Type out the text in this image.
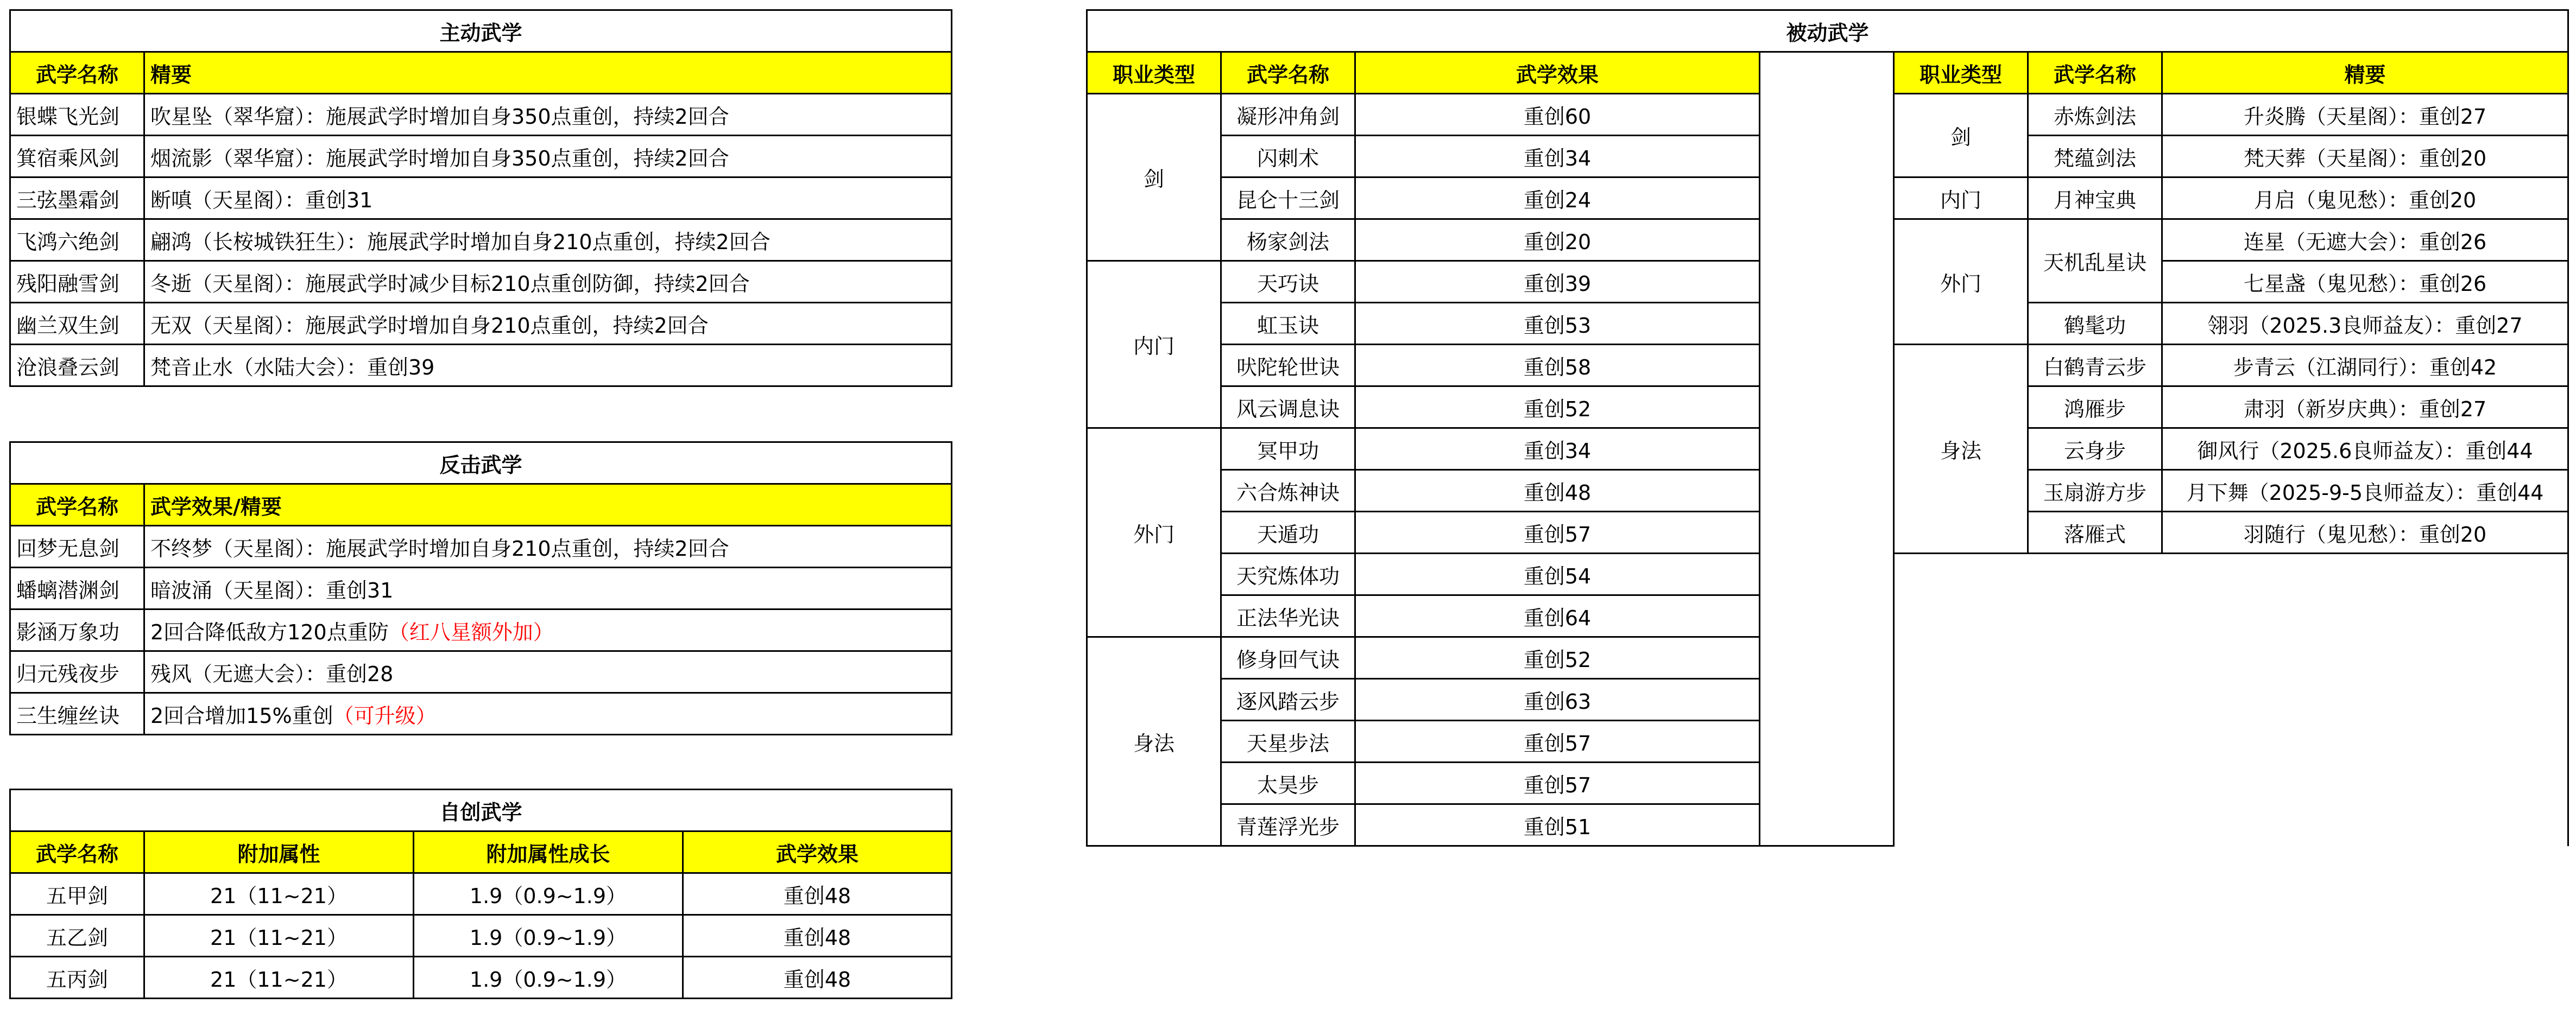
主动武学	
武学名称	精要
银蝶飞光剑	吹星坠（翠华窟）：施展武学时增加自身350点重创，持续2回合
箕宿乘风剑	烟流影（翠华窟）：施展武学时增加自身350点重创，持续2回合
三弦墨霜剑	断嗔（天星阁）：重创31
飞鸿六绝剑	翩鸿（长桉城铁狂生）：施展武学时增加自身210点重创，持续2回合
残阳融雪剑	冬逝（天星阁）：施展武学时减少目标210点重创防御，持续2回合
幽兰双生剑	无双（天星阁）：施展武学时增加自身210点重创，持续2回合
沧浪叠云剑	梵音止水（水陆大会）：重创39
反击武学	
武学名称	武学效果/精要
回梦无息剑	不终梦（天星阁）：施展武学时增加自身210点重创，持续2回合
蟠螭潜渊剑	暗波涌（天星阁）：重创31
影涵万象功	2回合降低敌方120点重防（红八星额外加）
归元残夜步	残风（无遮大会）：重创28
三生缠丝诀	2回合增加15%重创（可升级）
自创武学			
武学名称	附加属性	附加属性成长	武学效果
五甲剑	21（11~21）	1.9（0.9~1.9）	重创48
五乙剑	21（11~21）	1.9（0.9~1.9）	重创48
五丙剑	21（11~21）	1.9（0.9~1.9）	重创48
被动武学						
职业类型	武学名称	武学效果		职业类型	武学名称	精要
剑	凝形冲角剑	重创60		剑	赤炼剑法	升炎腾（天星阁）：重创27
	闪刺术	重创34			梵蕴剑法	梵天葬（天星阁）：重创20
	昆仑十三剑	重创24		内门	月神宝典	月启（鬼见愁）：重创20
	杨家剑法	重创20		外门	天机乱星诀	连星（无遮大会）：重创26
内门	天巧诀	重创39				七星盏（鬼见愁）：重创26
	虹玉诀	重创53			鹤髦功	翎羽（2025.3良师益友）：重创27
	吠陀轮世诀	重创58		身法	白鹤青云步	步青云（江湖同行）：重创42
	风云调息诀	重创52			鸿雁步	肃羽（新岁庆典）：重创27
外门	冥甲功	重创34			云身步	御风行（2025.6良师益友）：重创44
	六合炼神诀	重创48			玉扇游方步	月下舞（2025-9-5良师益友）：重创44
	天遁功	重创57			落雁式	羽随行（鬼见愁）：重创20
	天究炼体功	重创54				
	正法华光诀	重创64				
身法	修身回气诀	重创52				
	逐风踏云步	重创63				
	天星步法	重创57				
	太昊步	重创57				
	青莲浮光步	重创51				
